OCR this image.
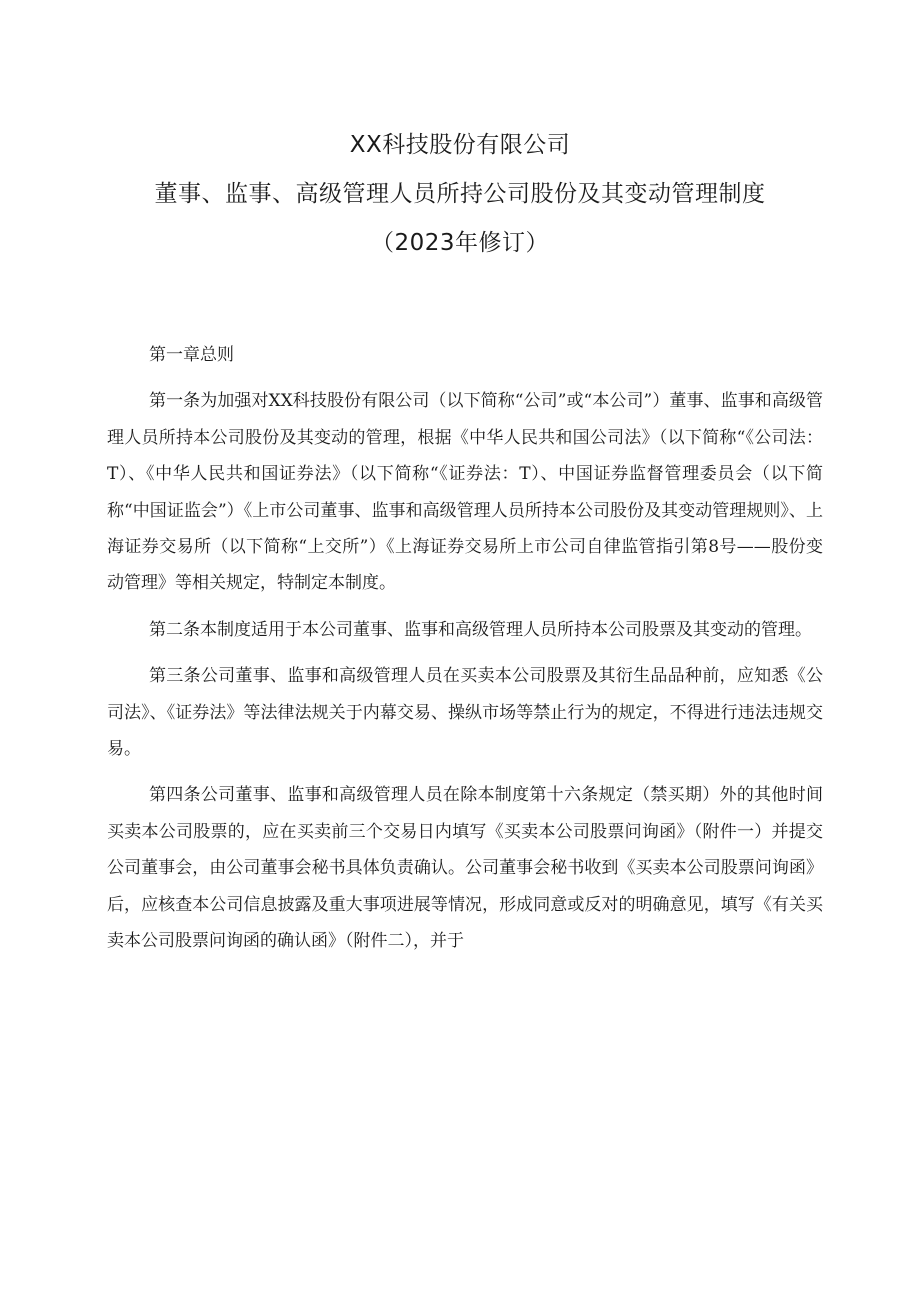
XX科技股份有限公司
董事、监事、高级管理人员所持公司股份及其变动管理制度
（2023年修订）

第一章总则

第一条为加强对XX科技股份有限公司（以下简称“公司”或“本公司”）董事、监事和高级管理人员所持本公司股份及其变动的管理，根据《中华人民共和国公司法》（以下简称“《公司法：T）、《中华人民共和国证券法》（以下简称“《证券法：T）、中国证券监督管理委员会（以下简称“中国证监会”）《上市公司董事、监事和高级管理人员所持本公司股份及其变动管理规则》、上海证券交易所（以下简称“上交所”）《上海证券交易所上市公司自律监管指引第8号——股份变动管理》等相关规定，特制定本制度。

第二条本制度适用于本公司董事、监事和高级管理人员所持本公司股票及其变动的管理。

第三条公司董事、监事和高级管理人员在买卖本公司股票及其衍生品品种前，应知悉《公司法》、《证券法》等法律法规关于内幕交易、操纵市场等禁止行为的规定，不得进行违法违规交易。

第四条公司董事、监事和高级管理人员在除本制度第十六条规定（禁买期）外的其他时间买卖本公司股票的，应在买卖前三个交易日内填写《买卖本公司股票问询函》（附件一）并提交公司董事会，由公司董事会秘书具体负责确认。公司董事会秘书收到《买卖本公司股票问询函》后，应核查本公司信息披露及重大事项进展等情况，形成同意或反对的明确意见，填写《有关买卖本公司股票问询函的确认函》（附件二），并于
